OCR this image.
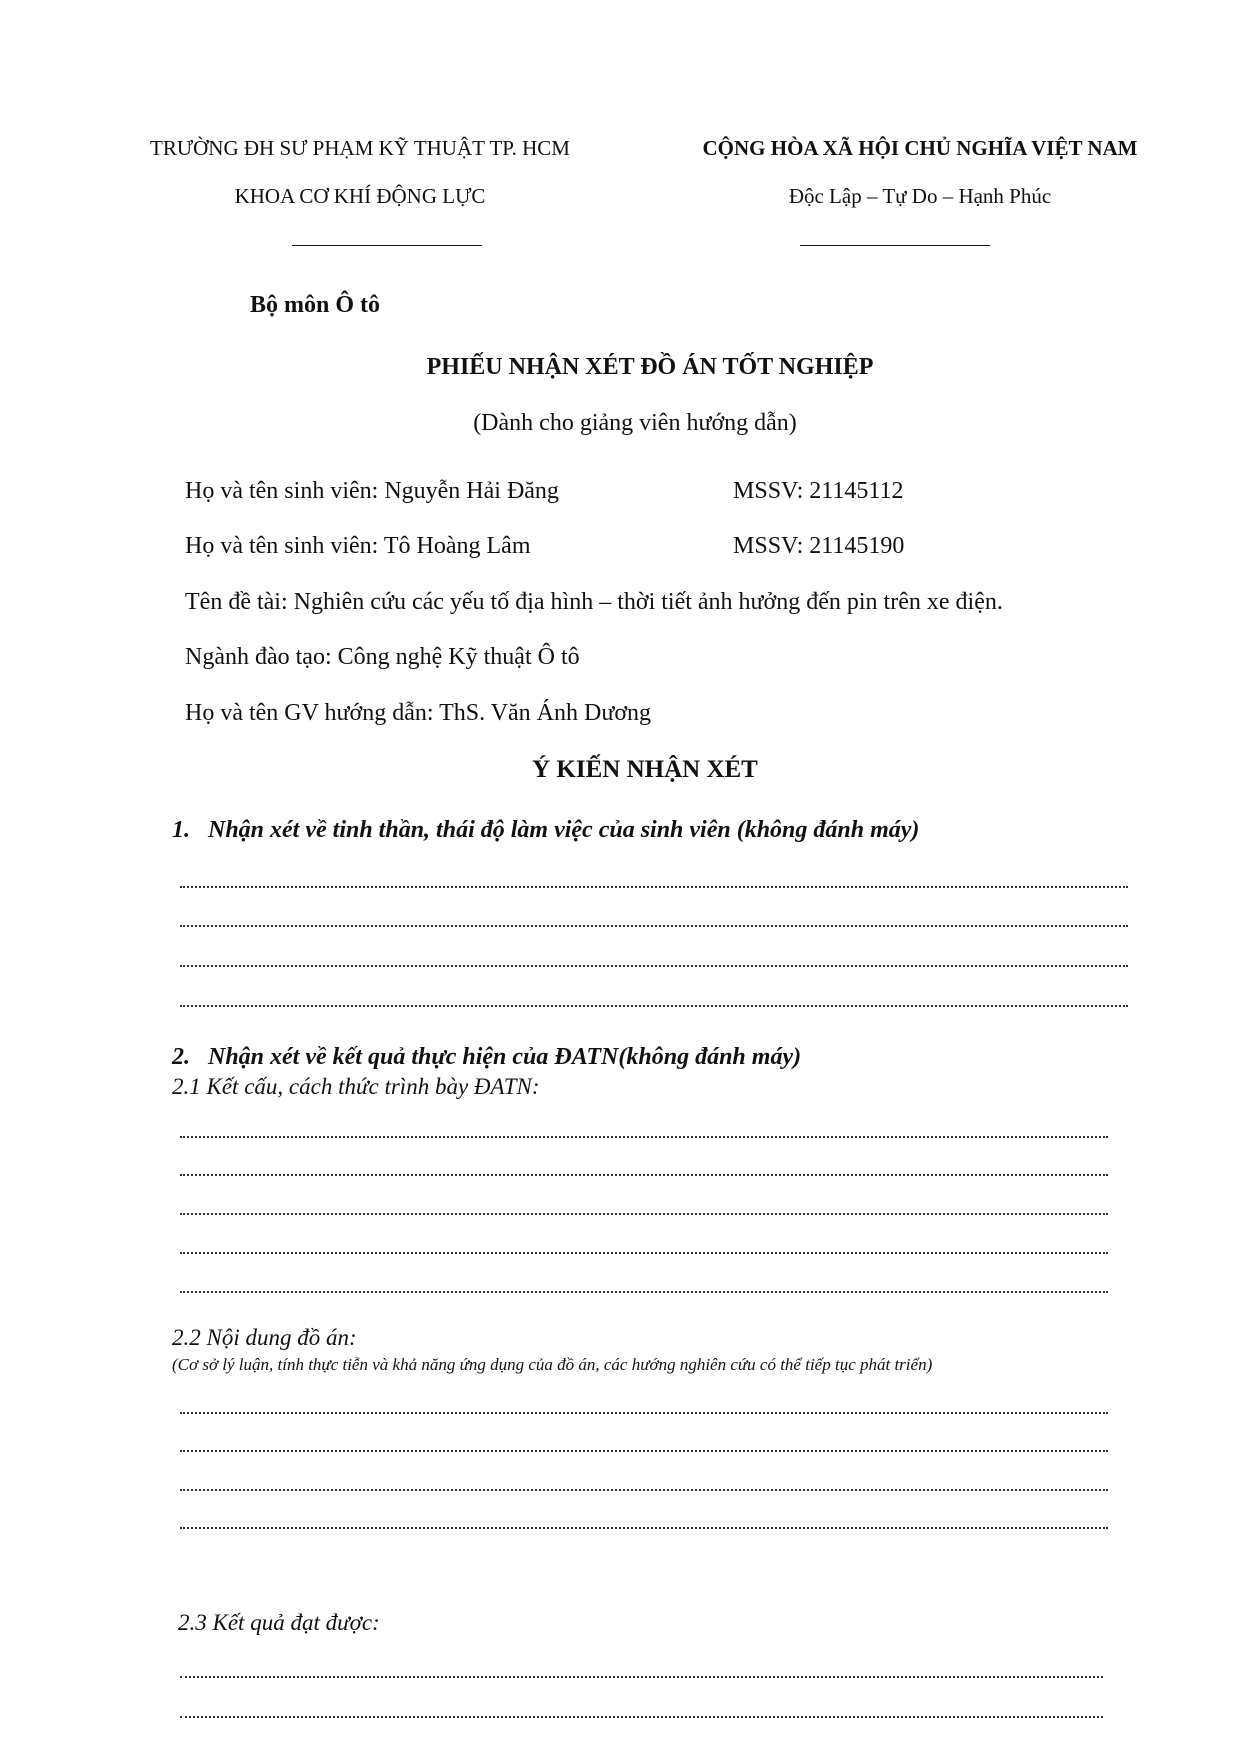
TRƯỜNG ĐH SƯ PHẠM KỸ THUẬT TP. HCM
KHOA CƠ KHÍ ĐỘNG LỰC
CỘNG HÒA XÃ HỘI CHỦ NGHĨA VIỆT NAM
Độc Lập – Tự Do – Hạnh Phúc
Bộ môn Ô tô
PHIẾU NHẬN XÉT ĐỒ ÁN TỐT NGHIỆP
(Dành cho giảng viên hướng dẫn)
Họ và tên sinh viên: Nguyễn Hải Đăng	MSSV: 21145112
Họ và tên sinh viên: Tô Hoàng Lâm	MSSV: 21145190
Tên đề tài: Nghiên cứu các yếu tố địa hình – thời tiết ảnh hưởng đến pin trên xe điện.
Ngành đào tạo: Công nghệ Kỹ thuật Ô tô
Họ và tên GV hướng dẫn: ThS. Văn Ánh Dương
Ý KIẾN NHẬN XÉT
1. Nhận xét về tinh thần, thái độ làm việc của sinh viên (không đánh máy)
2. Nhận xét về kết quả thực hiện của ĐATN(không đánh máy)
2.1 Kết cấu, cách thức trình bày ĐATN:
2.2 Nội dung đồ án:
(Cơ sở lý luận, tính thực tiễn và khả năng ứng dụng của đồ án, các hướng nghiên cứu có thể tiếp tục phát triển)
2.3 Kết quả đạt được:
